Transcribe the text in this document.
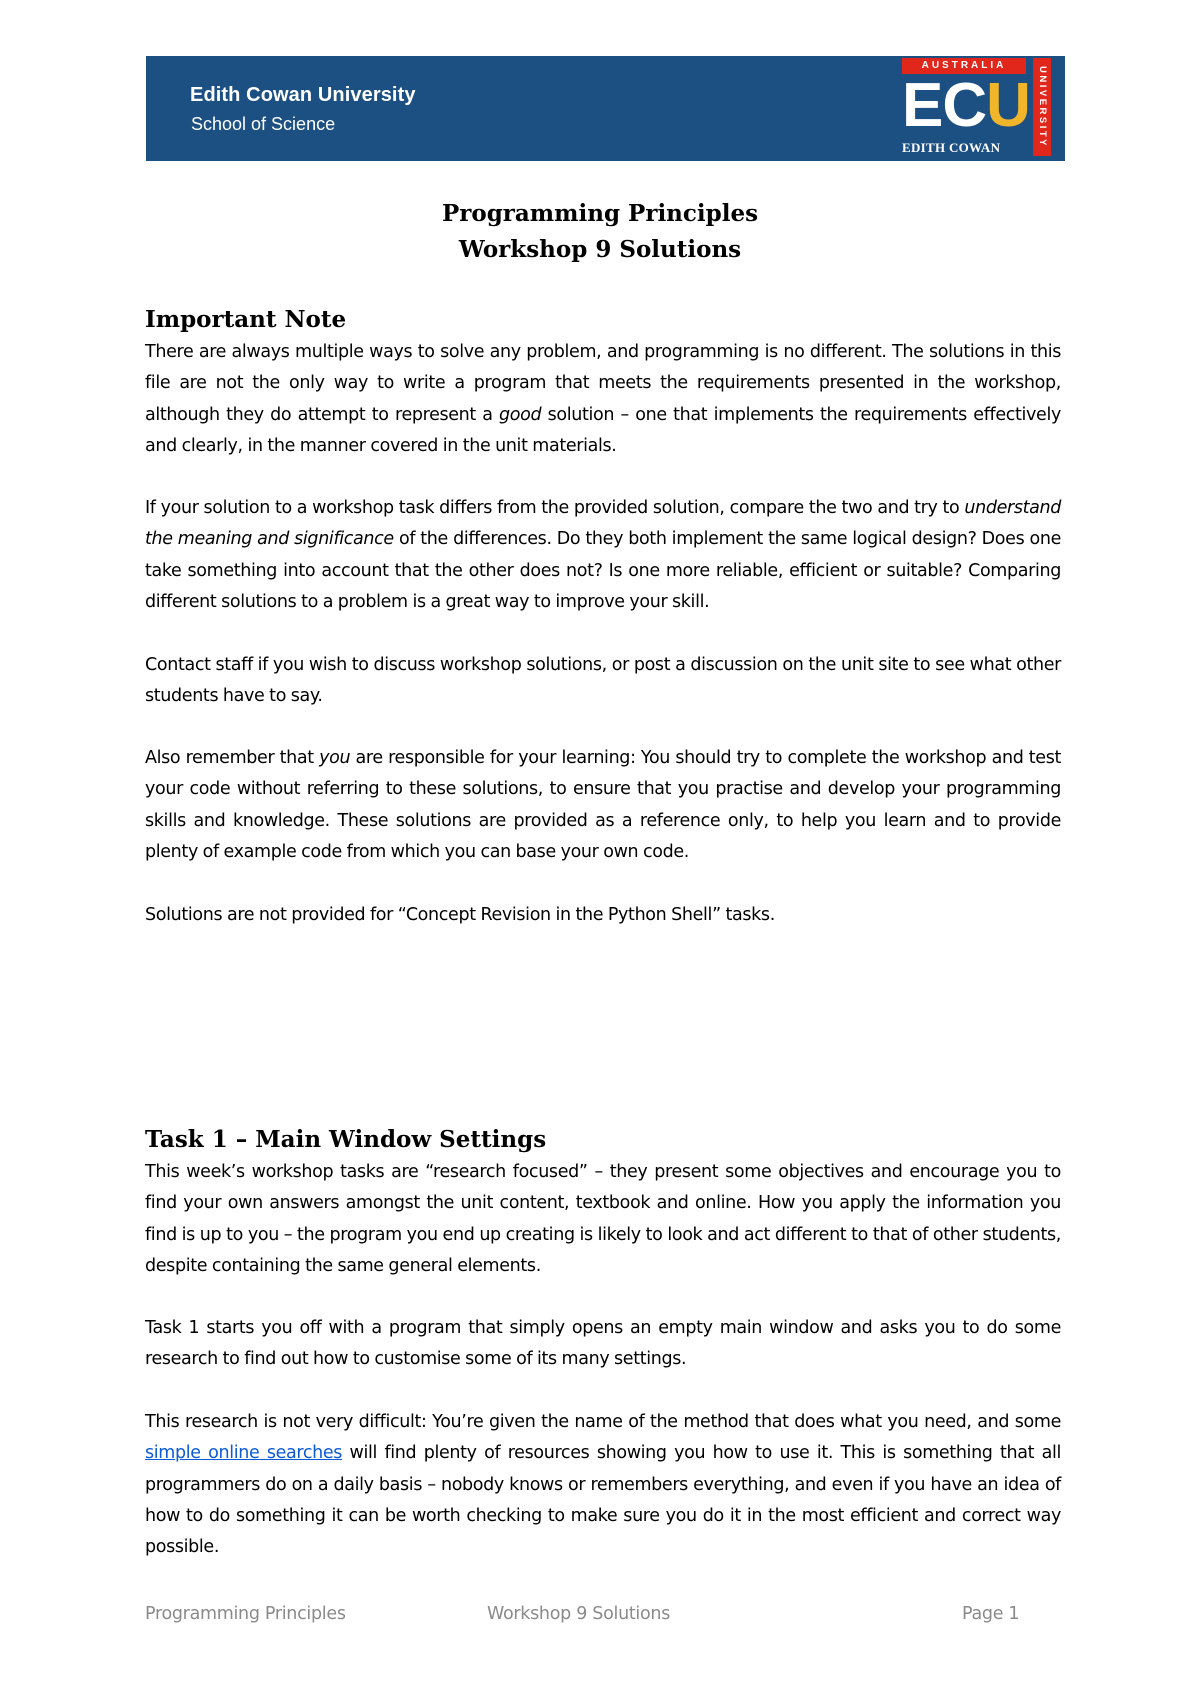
Edith Cowan University
School of Science
AUSTRALIA
ECU
EDITH COWAN	UNIVERSITY
Programming Principles
Workshop 9 Solutions
Important Note
There are always multiple ways to solve any problem, and programming is no different. The solutions in this file are not the only way to write a program that meets the requirements presented in the workshop, although they do attempt to represent a good solution – one that implements the requirements effectively and clearly, in the manner covered in the unit materials.
If your solution to a workshop task differs from the provided solution, compare the two and try to understand the meaning and significance of the differences. Do they both implement the same logical design? Does one take something into account that the other does not? Is one more reliable, efficient or suitable? Comparing different solutions to a problem is a great way to improve your skill.
Contact staff if you wish to discuss workshop solutions, or post a discussion on the unit site to see what other students have to say.
Also remember that you are responsible for your learning: You should try to complete the workshop and test your code without referring to these solutions, to ensure that you practise and develop your programming skills and knowledge. These solutions are provided as a reference only, to help you learn and to provide plenty of example code from which you can base your own code.
Solutions are not provided for “Concept Revision in the Python Shell” tasks.
Task 1 – Main Window Settings
This week’s workshop tasks are “research focused” – they present some objectives and encourage you to find your own answers amongst the unit content, textbook and online. How you apply the information you find is up to you – the program you end up creating is likely to look and act different to that of other students, despite containing the same general elements.
Task 1 starts you off with a program that simply opens an empty main window and asks you to do some research to find out how to customise some of its many settings.
This research is not very difficult: You’re given the name of the method that does what you need, and some simple online searches will find plenty of resources showing you how to use it. This is something that all programmers do on a daily basis – nobody knows or remembers everything, and even if you have an idea of how to do something it can be worth checking to make sure you do it in the most efficient and correct way possible.
Programming Principles	Workshop 9 Solutions	Page 1
